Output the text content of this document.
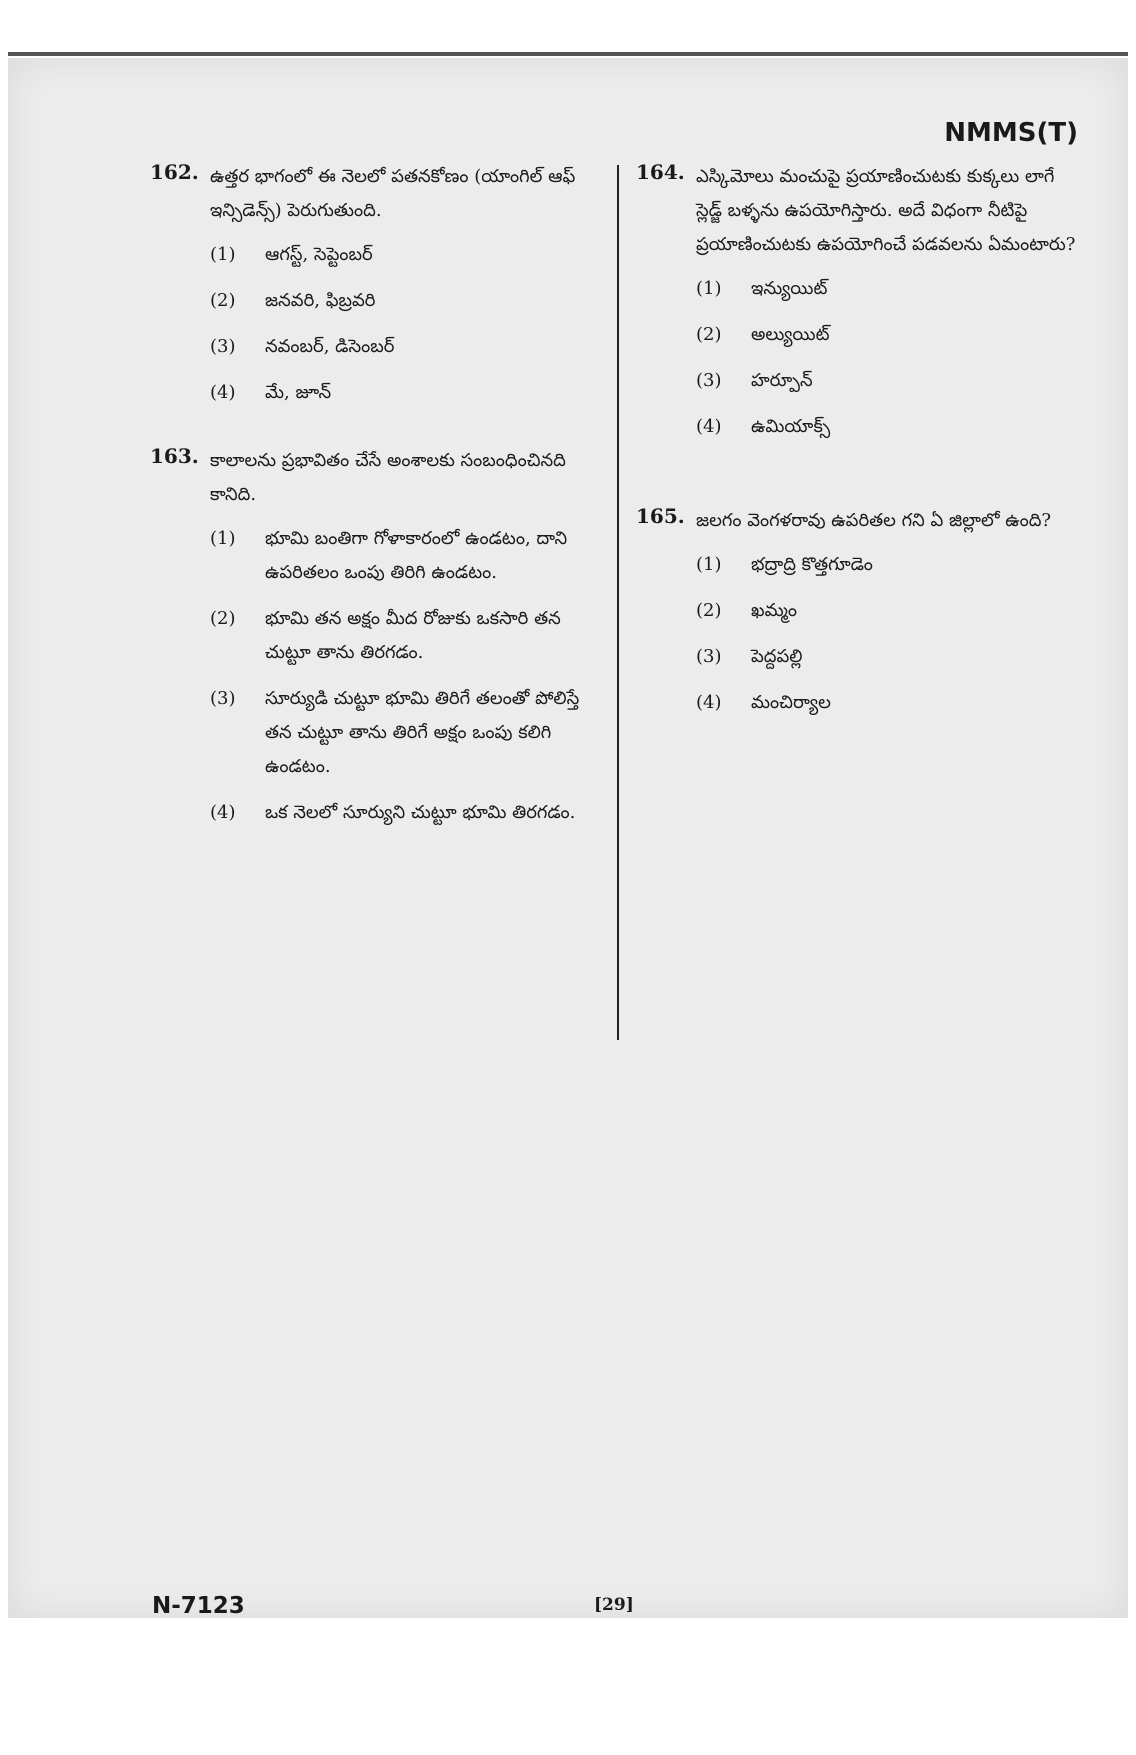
NMMS(T)
162. ఉత్తర భాగంలో ఈ నెలలో పతనకోణం (యాంగిల్ ఆఫ్ ఇన్సిడెన్స్) పెరుగుతుంది.
(1)	ఆగస్ట్, సెప్టెంబర్
(2)	జనవరి, ఫిబ్రవరి
(3)	నవంబర్, డిసెంబర్
(4)	మే, జూన్
163. కాలాలను ప్రభావితం చేసే అంశాలకు సంబంధించినది కానిది.
(1)	భూమి బంతిగా గోళాకారంలో ఉండటం, దాని ఉపరితలం ఒంపు తిరిగి ఉండటం.
(2)	భూమి తన అక్షం మీద రోజుకు ఒకసారి తన చుట్టూ తాను తిరగడం.
(3)	సూర్యుడి చుట్టూ భూమి తిరిగే తలంతో పోలిస్తే తన చుట్టూ తాను తిరిగే అక్షం ఒంపు కలిగి ఉండటం.
(4)	ఒక నెలలో సూర్యుని చుట్టూ భూమి తిరగడం.
164. ఎస్కిమోలు మంచుపై ప్రయాణించుటకు కుక్కలు లాగే స్లెడ్జ్ బళ్ళను ఉపయోగిస్తారు. అదే విధంగా నీటిపై ప్రయాణించుటకు ఉపయోగించే పడవలను ఏమంటారు?
(1)	ఇన్యుయిట్
(2)	అల్యుయిట్
(3)	హర్పూన్
(4)	ఉమియాక్స్
165. జలగం వెంగళరావు ఉపరితల గని ఏ జిల్లాలో ఉంది?
(1)	భద్రాద్రి కొత్తగూడెం
(2)	ఖమ్మం
(3)	పెద్దపల్లి
(4)	మంచిర్యాల
N-7123	[29]
